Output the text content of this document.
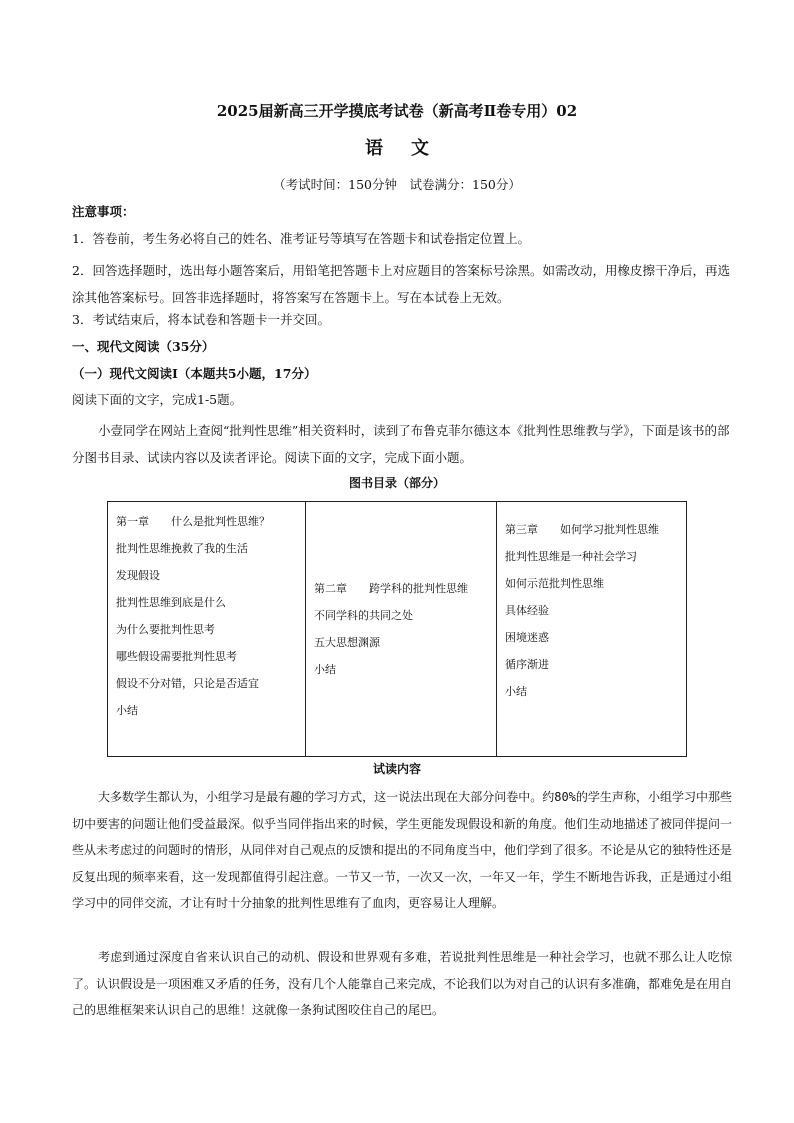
2025届新高三开学摸底考试卷（新高考Ⅱ卷专用）02
语文
（考试时间：150分钟　试卷满分：150分）
注意事项：
1．答卷前，考生务必将自己的姓名、准考证号等填写在答题卡和试卷指定位置上。
2．回答选择题时，选出每小题答案后，用铅笔把答题卡上对应题目的答案标号涂黑。如需改动，用橡皮擦干净后，再选涂其他答案标号。回答非选择题时，将答案写在答题卡上。写在本试卷上无效。
3．考试结束后，将本试卷和答题卡一并交回。
一、现代文阅读（35分）
（一）现代文阅读Ⅰ（本题共5小题，17分）
阅读下面的文字，完成1-5题。
小壹同学在网站上查阅“批判性思维”相关资料时，读到了布鲁克菲尔德这本《批判性思维教与学》，下面是该书的部分图书目录、试读内容以及读者评论。阅读下面的文字，完成下面小题。
图书目录（部分）
第一章　　什么是批判性思维？
批判性思维挽救了我的生活
发现假设
批判性思维到底是什么
为什么要批判性思考
哪些假设需要批判性思考
假设不分对错，只论是否适宜
小结
第二章　　跨学科的批判性思维
不同学科的共同之处
五大思想渊源
小结
第三章　　如何学习批判性思维
批判性思维是一种社会学习
如何示范批判性思维
具体经验
困境迷惑
循序渐进
小结
试读内容
大多数学生都认为，小组学习是最有趣的学习方式，这一说法出现在大部分问卷中。约80%的学生声称，小组学习中那些切中要害的问题让他们受益最深。似乎当同伴指出来的时候，学生更能发现假设和新的角度。他们生动地描述了被同伴提问一些从未考虑过的问题时的情形，从同伴对自己观点的反馈和提出的不同角度当中，他们学到了很多。不论是从它的独特性还是反复出现的频率来看，这一发现都值得引起注意。一节又一节，一次又一次，一年又一年，学生不断地告诉我，正是通过小组学习中的同伴交流，才让有时十分抽象的批判性思维有了血肉，更容易让人理解。
考虑到通过深度自省来认识自己的动机、假设和世界观有多难，若说批判性思维是一种社会学习，也就不那么让人吃惊了。认识假设是一项困难又矛盾的任务，没有几个人能靠自己来完成，不论我们以为对自己的认识有多准确，都难免是在用自己的思维框架来认识自己的思维！这就像一条狗试图咬住自己的尾巴。
